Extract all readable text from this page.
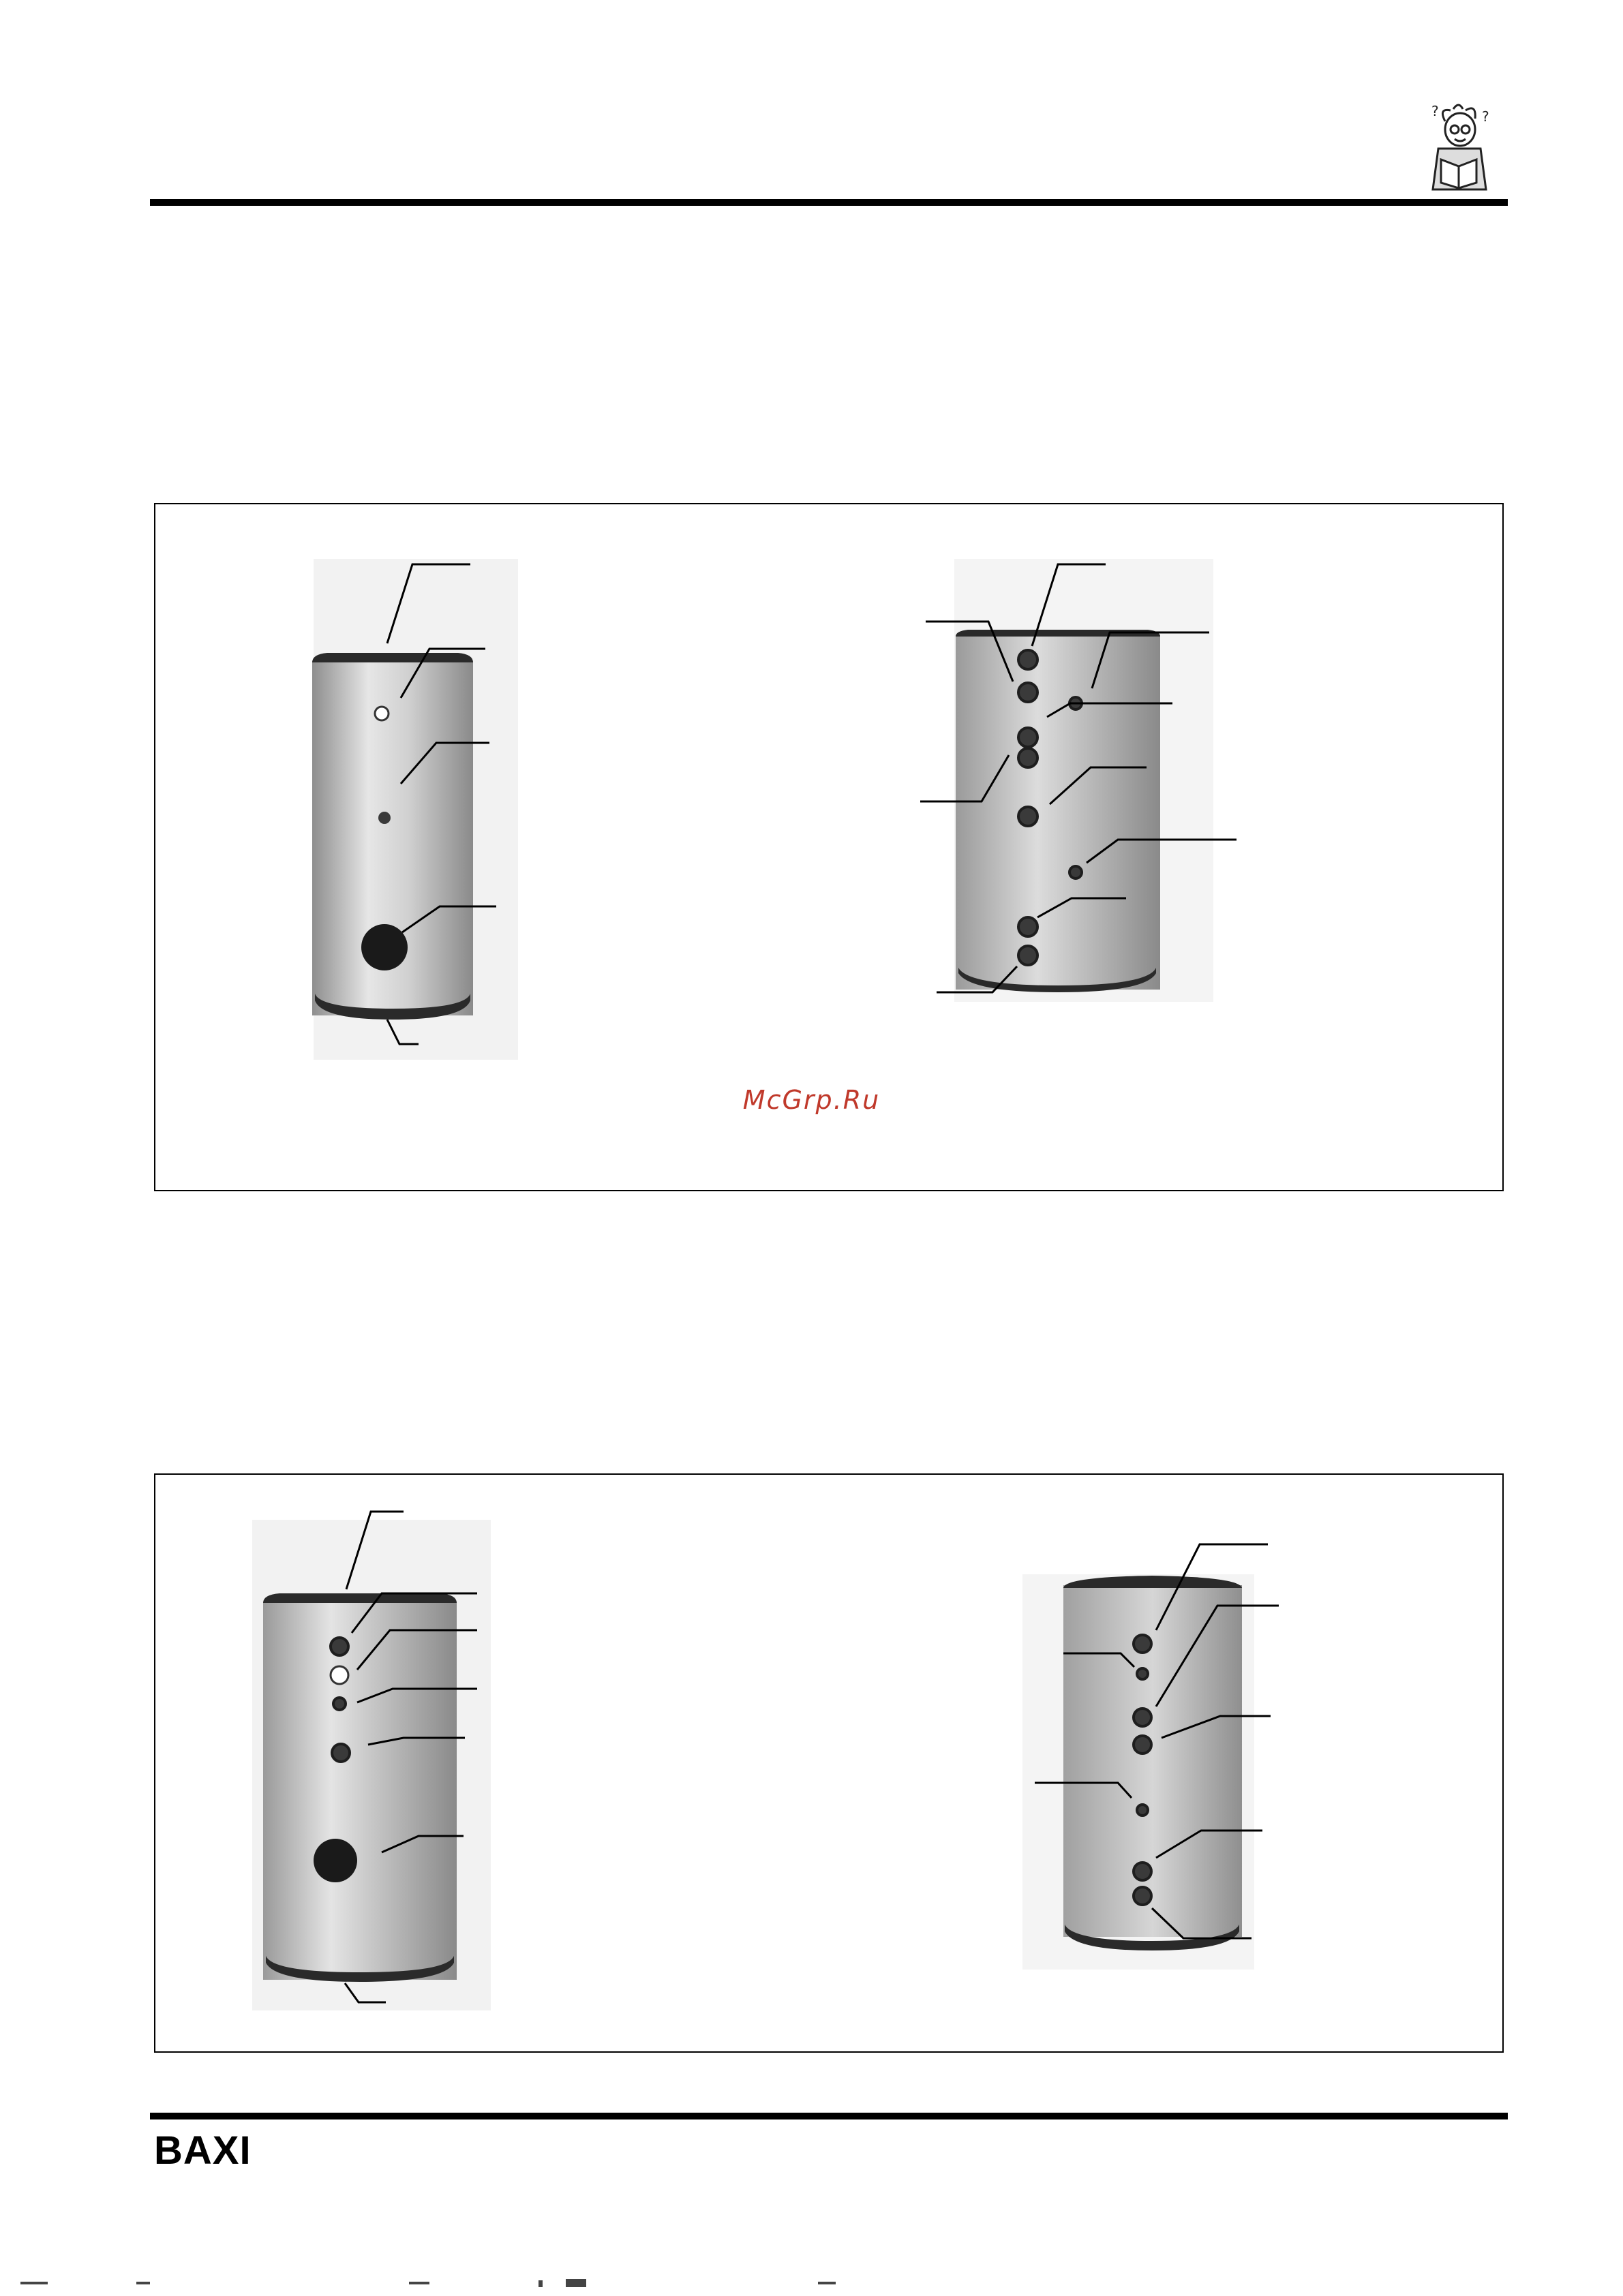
?	?
McGrp.Ru
BAXI
